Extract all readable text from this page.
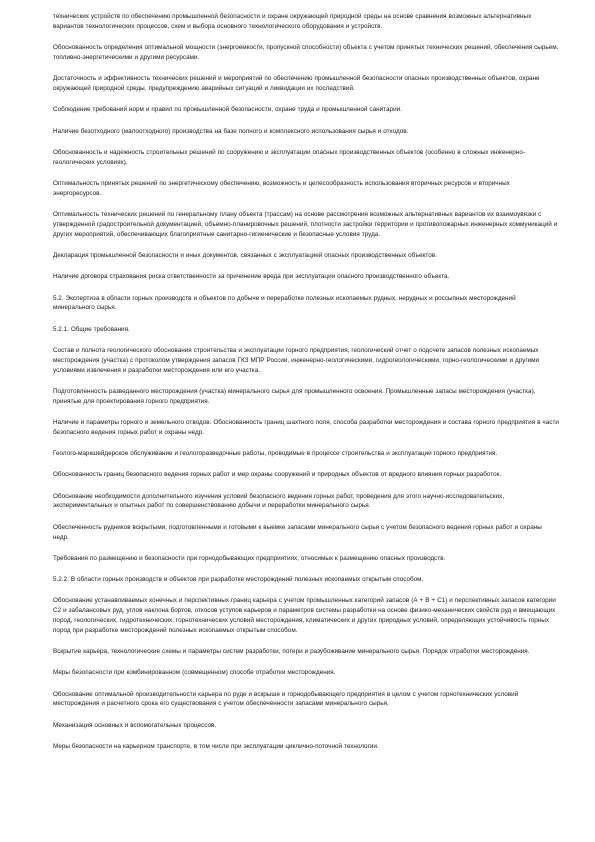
технических устройств по обеспечению промышленной безопасности и охране окружающей природной среды на основе сравнения возможных альтернативных вариантов технологических процессов, схем и выбора основного технологического оборудования и устройств.

Обоснованность определения оптимальной мощности (энергоемкости, пропускной способности) объекта с учетом принятых технических решений, обеспечения сырьем, топливно-энергетическими и другими ресурсами.

Достаточность и эффективность технических решений и мероприятий по обеспечению промышленной безопасности опасных производственных объектов, охране окружающей природной среды, предупреждению аварийных ситуаций и ликвидации их последствий.

Соблюдение требований норм и правил по промышленной безопасности, охране труда и промышленной санитарии.

Наличие безотходного (малоотходного) производства на базе полного и комплексного использования сырья и отходов.

Обоснованность и надежность строительных решений по сооружению и эксплуатации опасных производственных объектов (особенно в сложных инженерно-геологических условиях).

Оптимальность принятых решений по энергетическому обеспечению, возможность и целесообразность использования вторичных ресурсов и вторичных энергоресурсов.

Оптимальность технических решений по генеральному плану объекта (трассам) на основе рассмотрения возможных альтернативных вариантов их взаимоувязки с утвержденной градостроительной документацией, объемно-планировочных решений, плотности застройки территории и противопожарных инженерных коммуникаций и других мероприятий, обеспечивающих благоприятные санитарно-гигиенические и безопасные условия труда.

Декларация промышленной безопасности и иных документов, связанных с эксплуатацией опасных производственных объектов.

Наличие договора страхования риска ответственности за причинение вреда при эксплуатации опасного производственного объекта.

5.2. Экспертиза в области горных производств и объектов по добыче и переработке полезных ископаемых рудных, нерудных и россыпных месторождений минерального сырья.

5.2.1. Общие требования.

Состав и полнота геологического обоснования строительства и эксплуатации горного предприятия, геологический отчет о подсчете запасов полезных ископаемых месторождения (участка) с протоколом утверждения запасов ГКЗ МПР России, инженерно-геологическими, гидрогеологическими, горно-геологическими и другими условиями извлечения и разработки месторождения или его участка.

Подготовленность разведанного месторождения (участка) минерального сырья для промышленного освоения. Промышленные запасы месторождения (участка), принятые для проектирования горного предприятия.

Наличие и параметры горного и земельного отводов. Обоснованность границ шахтного поля, способа разработки месторождения и состава горного предприятия в части безопасного ведения горных работ и охраны недр.

Геолого-маркшейдерское обслуживание и геологоразведочные работы, проводимые в процессе строительства и эксплуатации горного предприятия.

Обоснованность границ безопасного ведения горных работ и мер охраны сооружений и природных объектов от вредного влияния горных разработок.

Обоснование необходимости дополнительного изучения условий безопасного ведения горных работ, проведения для этого научно-исследовательских, экспериментальных и опытных работ по совершенствованию добычи и переработки минерального сырья.

Обеспеченность рудников вскрытыми, подготовленными и готовыми к выемке запасами минерального сырья с учетом безопасного ведения горных работ и охраны недр.

Требования по размещению и безопасности при горнодобывающих предприятиях, относимых к размещению опасных производств.

5.2.2. В области горных производств и объектов при разработке месторождений полезных ископаемых открытым способом.

Обоснование устанавливаемых конечных и перспективных границ карьера с учетом промышленных категорий запасов (А + В + С1) и перспективных запасов категории С2 и забалансовых руд, углов наклона бортов, откосов уступов карьеров и параметров системы разработки на основе физико-механических свойств руд и вмещающих пород, геологических, гидротехнических, горнотехнических условий месторождения, климатических и других природных условий, определяющих устойчивость горных пород при разработке месторождений полезных ископаемых открытым способом.

Вскрытие карьера, технологические схемы и параметры систем разработки, потери и разубоживание минерального сырья. Порядок отработки месторождения.

Меры безопасности при комбинированном (совмещенном) способе отработки месторождения.

Обоснование оптимальной производительности карьера по руде и вскрыше и горнодобывающего предприятия в целом с учетом горнотехнических условий месторождения и расчетного срока его существования с учетом обеспеченности запасами минерального сырья.

Механизация основных и вспомогательных процессов.

Меры безопасности на карьерном транспорте, в том числе при эксплуатации циклично-поточной технологии.
